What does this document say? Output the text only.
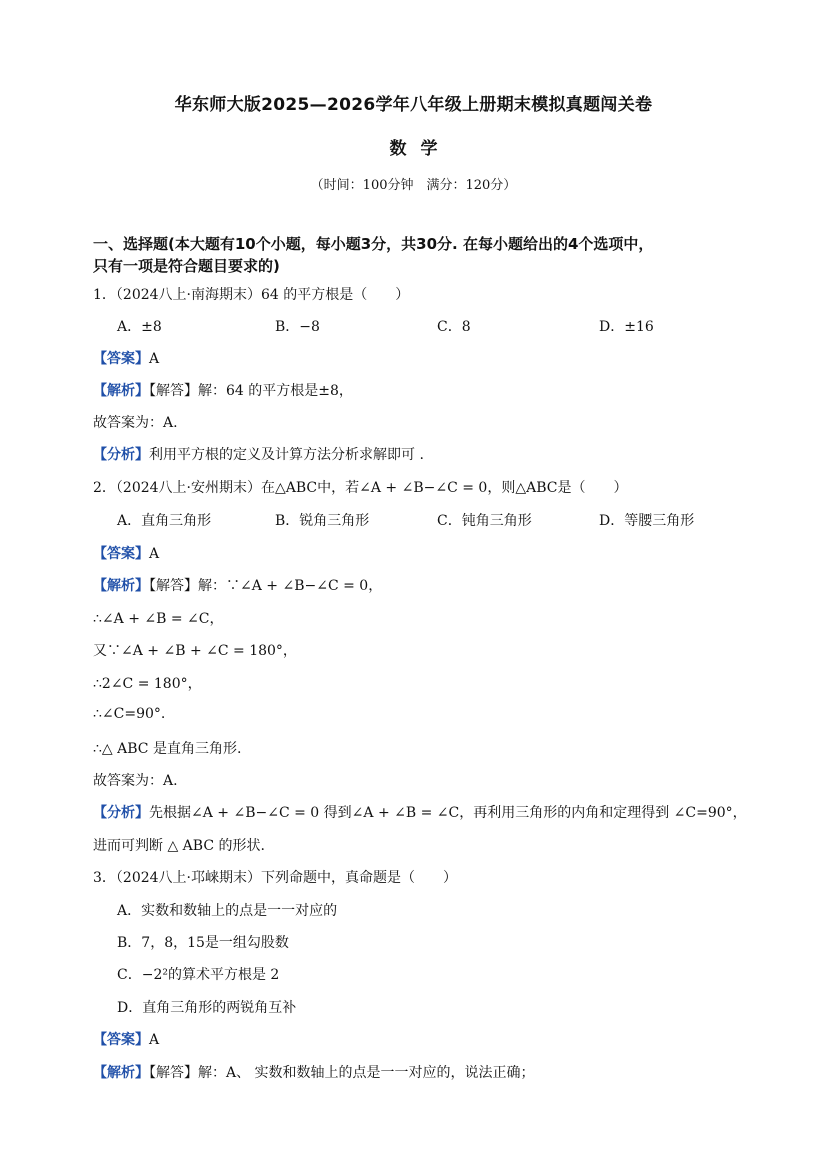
华东师大版2025—2026学年八年级上册期末模拟真题闯关卷
数学
（时间：100分钟　满分：120分）
一、选择题(本大题有10个小题，每小题3分，共30分. 在每小题给出的4个选项中，
只有一项是符合题目要求的)
1．（2024八上·南海期末）64 的平方根是（　　）
A．±8	B．−8	C．8	D．±16
【答案】A
【解析】【解答】解：64 的平方根是±8，
故答案为：A.
【分析】利用平方根的定义及计算方法分析求解即可 .
2．（2024八上·安州期末）在△ABC中，若∠A + ∠B−∠C = 0，则△ABC是（　　）
A．直角三角形	B．锐角三角形	C．钝角三角形	D．等腰三角形
【答案】A
【解析】【解答】解：∵∠A + ∠B−∠C = 0，
∴∠A + ∠B = ∠C，
又∵∠A + ∠B + ∠C = 180°，
∴2∠C = 180°，
∴∠C=90°.
∴△ ABC 是直角三角形.
故答案为：A.
【分析】先根据∠A + ∠B−∠C = 0 得到∠A + ∠B = ∠C，再利用三角形的内角和定理得到 ∠C=90°，
进而可判断 △ ABC 的形状.
3．（2024八上·邛崃期末）下列命题中，真命题是（　　）
A．实数和数轴上的点是一一对应的
B．7，8，15是一组勾股数
C．−2²的算术平方根是 2
D．直角三角形的两锐角互补
【答案】A
【解析】【解答】解：A、 实数和数轴上的点是一一对应的，说法正确；
